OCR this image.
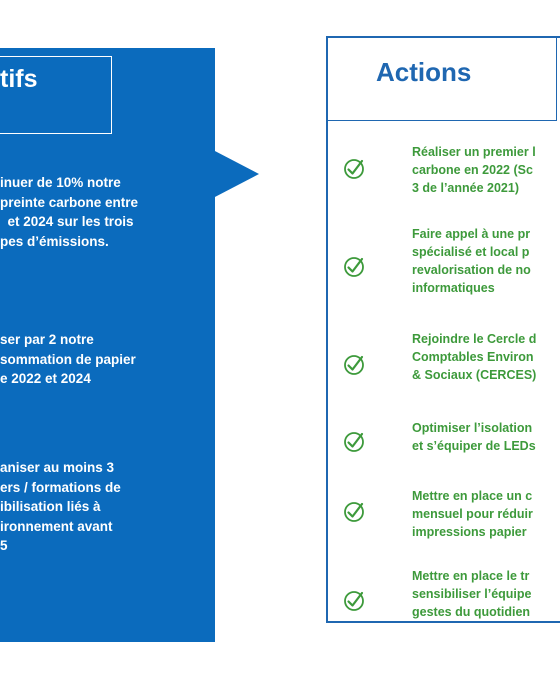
tifs
inuer de 10% notre
preinte carbone entre
et 2024 sur les trois
pes d’émissions.
ser par 2 notre
sommation de papier
e 2022 et 2024
aniser au moins 3
ers / formations de
ibilisation liés à
ironnement avant
5
Actions
Réaliser un premier l
carbone en 2022 (Sc
3 de l’année 2021)
Faire appel à une pr
spécialisé et local p
revalorisation de no
informatiques
Rejoindre le Cercle d
Comptables Environ
& Sociaux (CERCES)
Optimiser l’isolation
et s’équiper de LEDs
Mettre en place un c
mensuel pour réduir
impressions papier
Mettre en place le tr
sensibiliser l’équipe
gestes du quotidien
